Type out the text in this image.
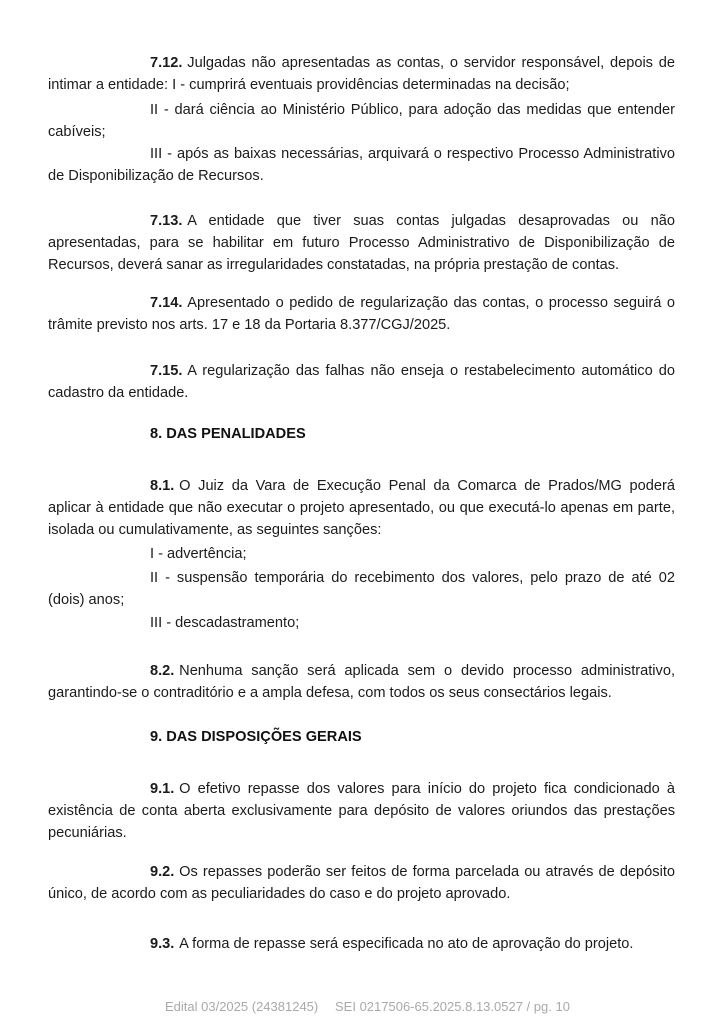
7.12. Julgadas não apresentadas as contas, o servidor responsável, depois de intimar a entidade: I - cumprirá eventuais providências determinadas na decisão;

II - dará ciência ao Ministério Público, para adoção das medidas que entender cabíveis;

III - após as baixas necessárias, arquivará o respectivo Processo Administrativo de Disponibilização de Recursos.

7.13. A entidade que tiver suas contas julgadas desaprovadas ou não apresentadas, para se habilitar em futuro Processo Administrativo de Disponibilização de Recursos, deverá sanar as irregularidades constatadas, na própria prestação de contas.

7.14. Apresentado o pedido de regularização das contas, o processo seguirá o trâmite previsto nos arts. 17 e 18 da Portaria 8.377/CGJ/2025.

7.15. A regularização das falhas não enseja o restabelecimento automático do cadastro da entidade.

8. DAS PENALIDADES

8.1. O Juiz da Vara de Execução Penal da Comarca de Prados/MG poderá aplicar à entidade que não executar o projeto apresentado, ou que executá-lo apenas em parte, isolada ou cumulativamente, as seguintes sanções:

I - advertência;

II - suspensão temporária do recebimento dos valores, pelo prazo de até 02 (dois) anos;

III - descadastramento;

8.2. Nenhuma sanção será aplicada sem o devido processo administrativo, garantindo-se o contraditório e a ampla defesa, com todos os seus consectários legais.

9. DAS DISPOSIÇÕES GERAIS

9.1. O efetivo repasse dos valores para início do projeto fica condicionado à existência de conta aberta exclusivamente para depósito de valores oriundos das prestações pecuniárias.

9.2. Os repasses poderão ser feitos de forma parcelada ou através de depósito único, de acordo com as peculiaridades do caso e do projeto aprovado.

9.3. A forma de repasse será especificada no ato de aprovação do projeto.

Edital 03/2025 (24381245) SEI 0217506-65.2025.8.13.0527 / pg. 10
